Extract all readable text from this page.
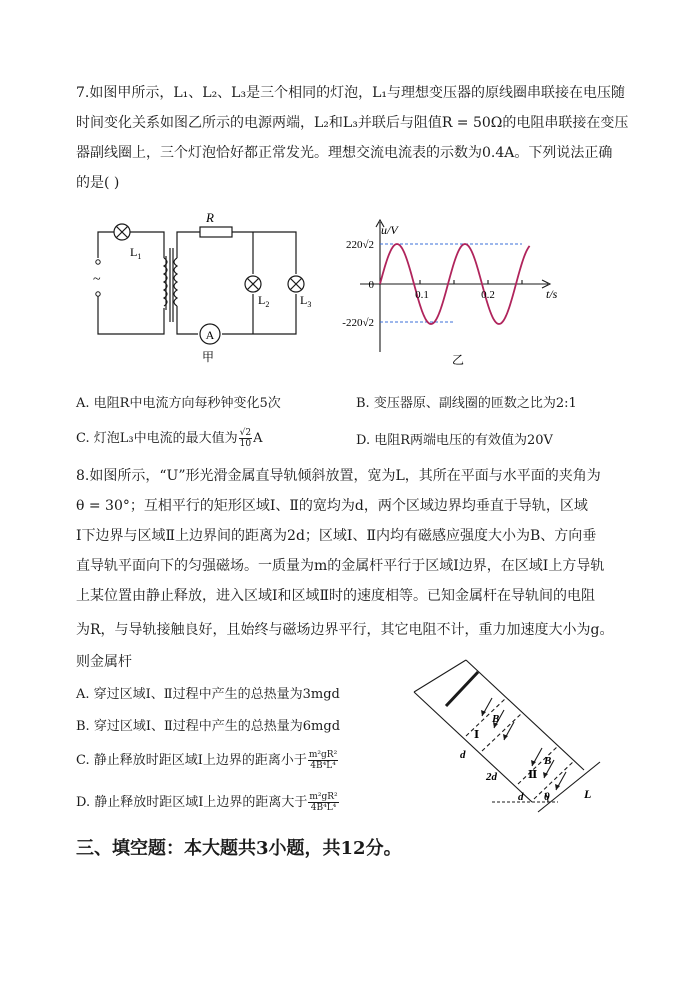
7.如图甲所示，L₁、L₂、L₃是三个相同的灯泡，L₁与理想变压器的原线圈串联接在电压随
时间变化关系如图乙所示的电源两端，L₂和L₃并联后与阻值R = 50Ω的电阻串联接在变压
器副线圈上，三个灯泡恰好都正常发光。理想交流电流表的示数为0.4A。下列说法正确
的是( )
~
A
R
$L_1$
$L_2$	$L_3$
甲
u/V
t/s
220√2
-220√2
0
0.1	0.2
乙
A. 电阻R中电流方向每秒钟变化5次	B. 变压器原、副线圈的匝数之比为2:1
C. 灯泡L₃中电流的最大值为 $\frac{√2}{10}$ A	D. 电阻R两端电压的有效值为20V
8.如图所示，“U”形光滑金属直导轨倾斜放置，宽为L，其所在平面与水平面的夹角为
θ = 30°；互相平行的矩形区域Ⅰ、Ⅱ的宽均为d，两个区域边界均垂直于导轨，区域
Ⅰ下边界与区域Ⅱ上边界间的距离为2d；区域Ⅰ、Ⅱ内均有磁感应强度大小为B、方向垂
直导轨平面向下的匀强磁场。一质量为m的金属杆平行于区域Ⅰ边界，在区域Ⅰ上方导轨
上某位置由静止释放，进入区域Ⅰ和区域Ⅱ时的速度相等。已知金属杆在导轨间的电阻
为R，与导轨接触良好，且始终与磁场边界平行，其它电阻不计，重力加速度大小为g。
则金属杆
A. 穿过区域Ⅰ、Ⅱ过程中产生的总热量为3mgd
B. 穿过区域Ⅰ、Ⅱ过程中产生的总热量为6mgd
C. 静止释放时距区域Ⅰ上边界的距离小于 $\frac{\text{m²gR²}}{\text{4B⁴L⁴}}$
D. 静止释放时距区域Ⅰ上边界的距离大于 $\frac{\text{m²gR²}}{\text{4B⁴L⁴}}$
Ⅰ
Ⅱ
B
B
d
2d
d θ	L
三、填空题：本大题共3小题，共12分。
